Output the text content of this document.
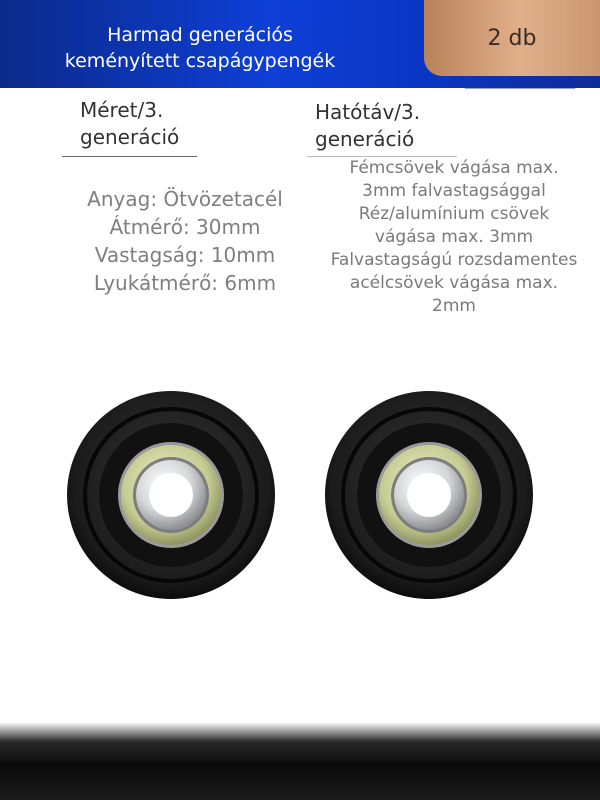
Harmad generációs
keményített csapágypengék
2 db
Méret/3.
generáció
Hatótáv/3.
generáció
Anyag: Ötvözetacél
Átmérő: 30mm
Vastagság: 10mm
Lyukátmérő: 6mm
Fémcsövek vágása max.
3mm falvastagsággal
Réz/alumínium csövek
vágása max. 3mm
Falvastagságú rozsdamentes
acélcsövek vágása max.
2mm
